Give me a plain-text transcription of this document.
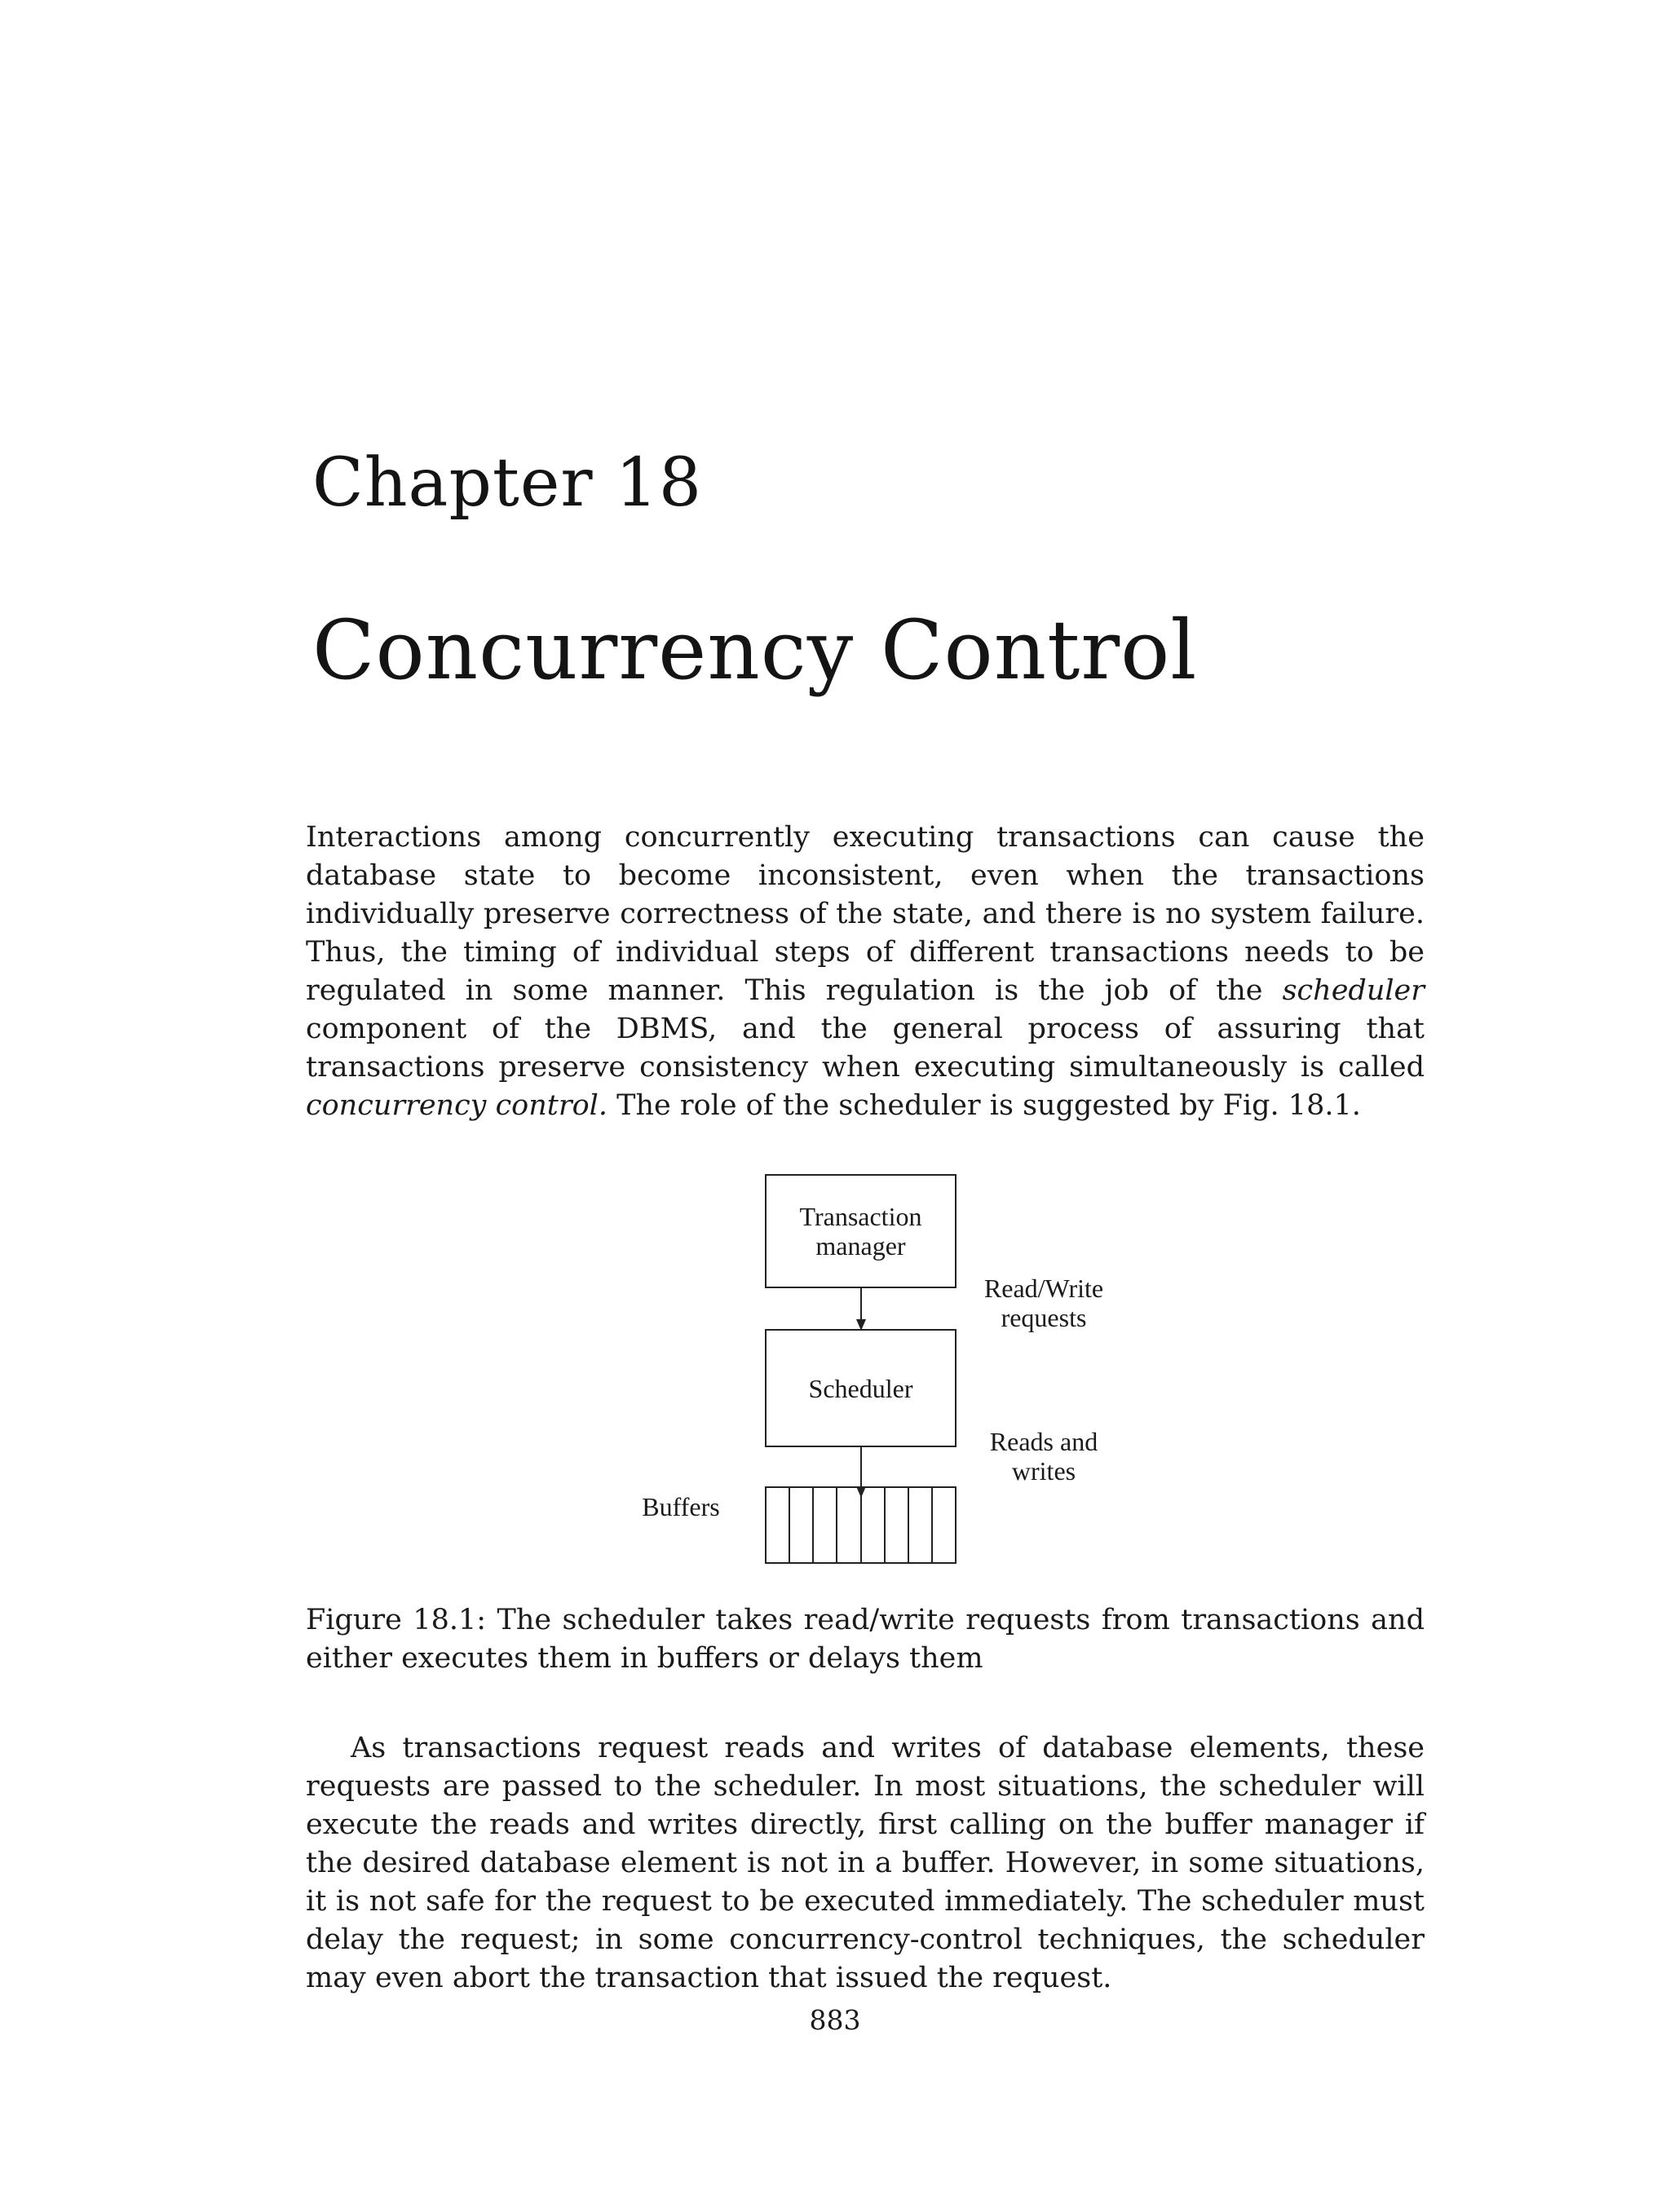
Chapter 18
Concurrency Control

Interactions among concurrently executing transactions can cause the database state to become inconsistent, even when the transactions individually preserve correctness of the state, and there is no system failure. Thus, the timing of individual steps of different transactions needs to be regulated in some manner. This regulation is the job of the scheduler component of the DBMS, and the general process of assuring that transactions preserve consistency when executing simultaneously is called concurrency control. The role of the scheduler is suggested by Fig. 18.1.

Transaction
manager
Read/Write
requests
Scheduler
Reads and
writes
Buffers

Figure 18.1: The scheduler takes read/write requests from transactions and either executes them in buffers or delays them

As transactions request reads and writes of database elements, these requests are passed to the scheduler. In most situations, the scheduler will execute the reads and writes directly, first calling on the buffer manager if the desired database element is not in a buffer. However, in some situations, it is not safe for the request to be executed immediately. The scheduler must delay the request; in some concurrency-control techniques, the scheduler may even abort the transaction that issued the request.

883
